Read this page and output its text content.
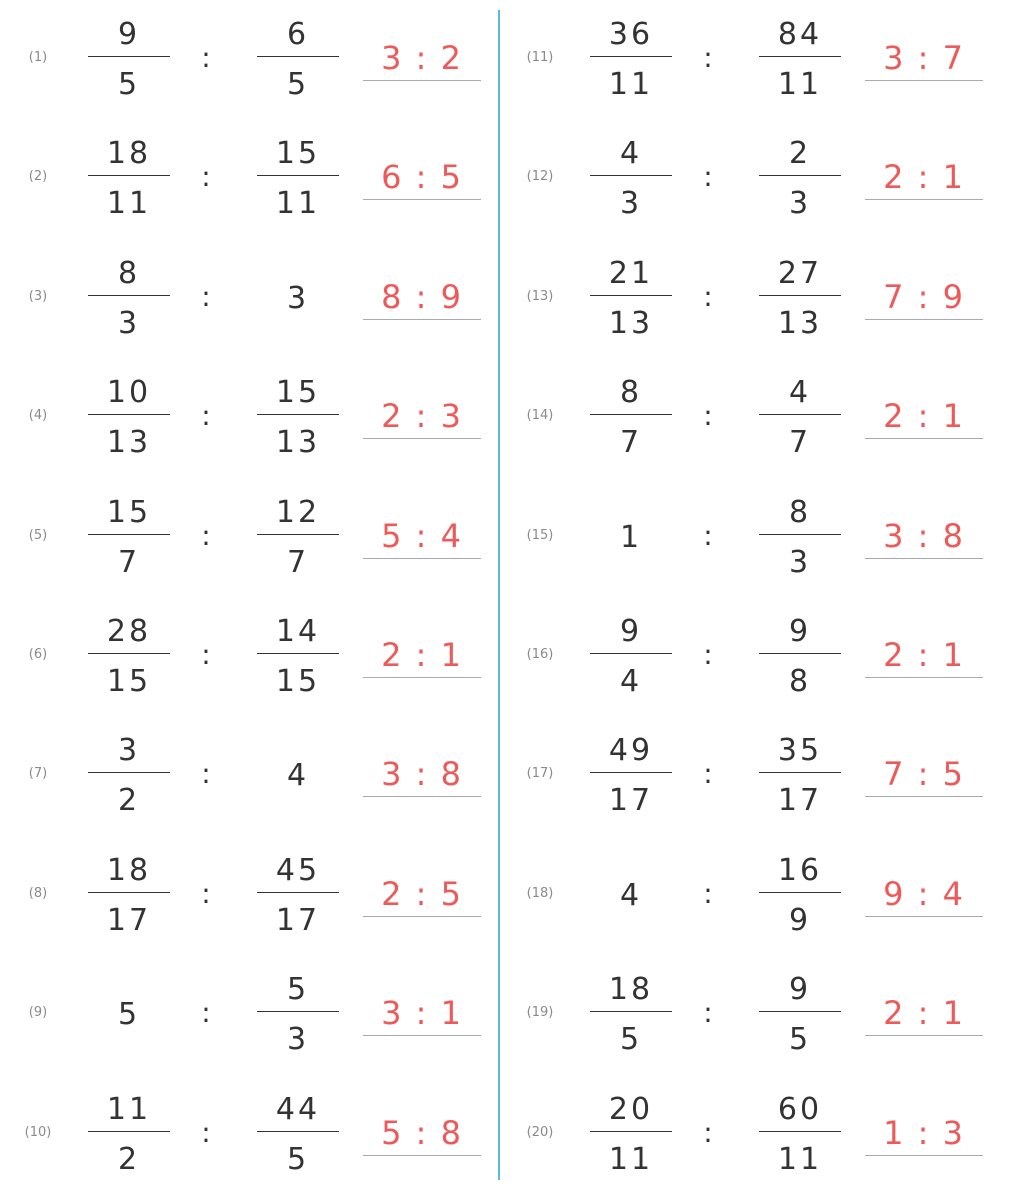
(1)
9
5
:
6
5
3 : 2
(2)
18
11
:
15
11
6 : 5
(3)
8
3
:	3	8 : 9
(4)
10
13
:
15
13
2 : 3
(5)
15
7
:
12
7
5 : 4
(6)
28
15
:
14
15
2 : 1
(7)
3
2
:	4	3 : 8
(8)
18
17
:
45
17
2 : 5
(9)	5	:
5
3
3 : 1
(10)
11
2
:
44
5
5 : 8
(11)
36
11
:
84
11
3 : 7
(12)
4
3
:
2
3
2 : 1
(13)
21
13
:
27
13
7 : 9
(14)
8
7
:
4
7
2 : 1
(15)	1	:
8
3
3 : 8
(16)
9
4
:
9
8
2 : 1
(17)
49
17
:
35
17
7 : 5
(18)	4	:
16
9
9 : 4
(19)
18
5
:
9
5
2 : 1
(20)
20
11
:
60
11
1 : 3
